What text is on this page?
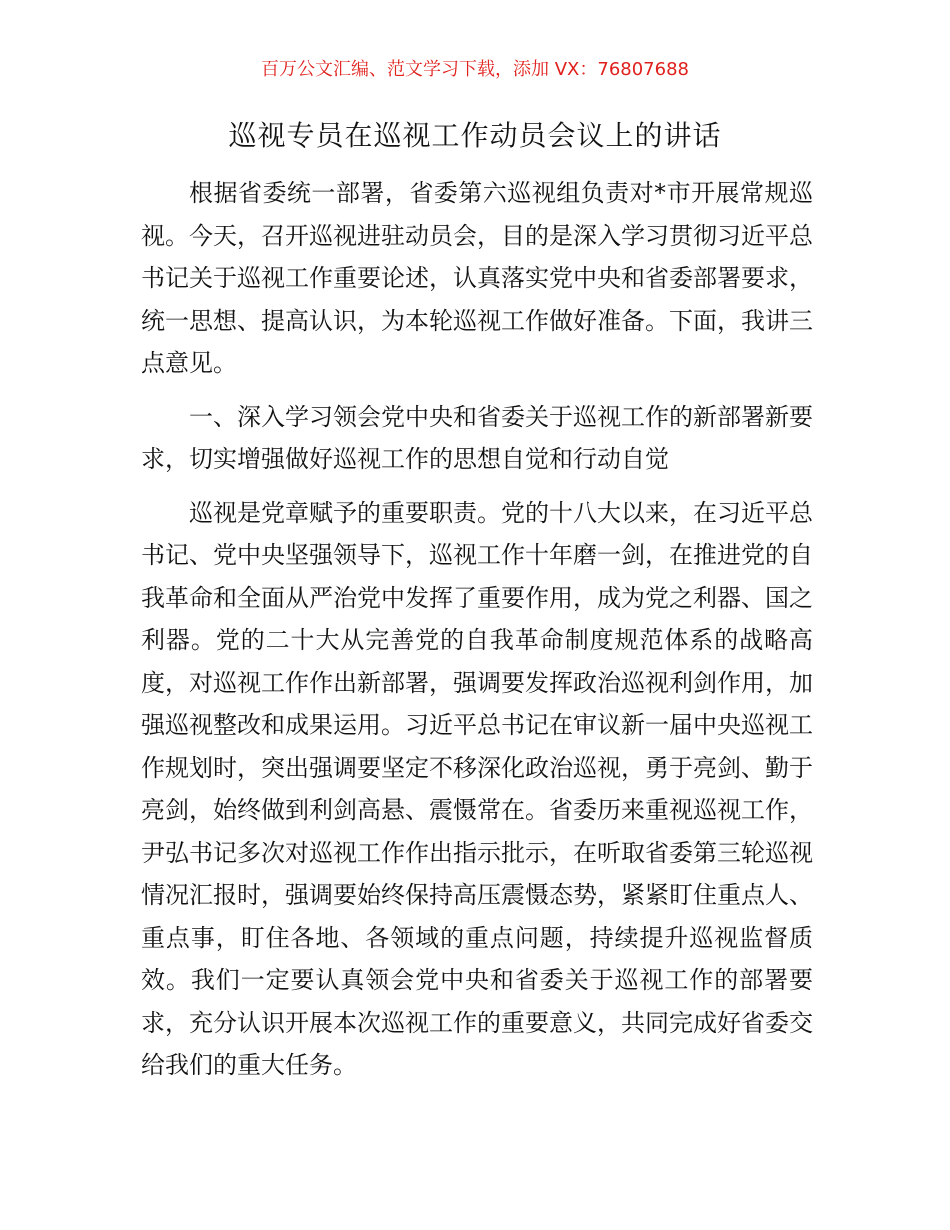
百万公文汇编、范文学习下载，添加 VX：76807688
巡视专员在巡视工作动员会议上的讲话

根据省委统一部署，省委第六巡视组负责对*市开展常规巡视。今天，召开巡视进驻动员会，目的是深入学习贯彻习近平总书记关于巡视工作重要论述，认真落实党中央和省委部署要求，统一思想、提高认识，为本轮巡视工作做好准备。下面，我讲三点意见。

一、深入学习领会党中央和省委关于巡视工作的新部署新要求，切实增强做好巡视工作的思想自觉和行动自觉

巡视是党章赋予的重要职责。党的十八大以来，在习近平总书记、党中央坚强领导下，巡视工作十年磨一剑，在推进党的自我革命和全面从严治党中发挥了重要作用，成为党之利器、国之利器。党的二十大从完善党的自我革命制度规范体系的战略高度，对巡视工作作出新部署，强调要发挥政治巡视利剑作用，加强巡视整改和成果运用。习近平总书记在审议新一届中央巡视工作规划时，突出强调要坚定不移深化政治巡视，勇于亮剑、勤于亮剑，始终做到利剑高悬、震慑常在。省委历来重视巡视工作，尹弘书记多次对巡视工作作出指示批示，在听取省委第三轮巡视情况汇报时，强调要始终保持高压震慑态势，紧紧盯住重点人、重点事，盯住各地、各领域的重点问题，持续提升巡视监督质效。我们一定要认真领会党中央和省委关于巡视工作的部署要求，充分认识开展本次巡视工作的重要意义，共同完成好省委交给我们的重大任务。
